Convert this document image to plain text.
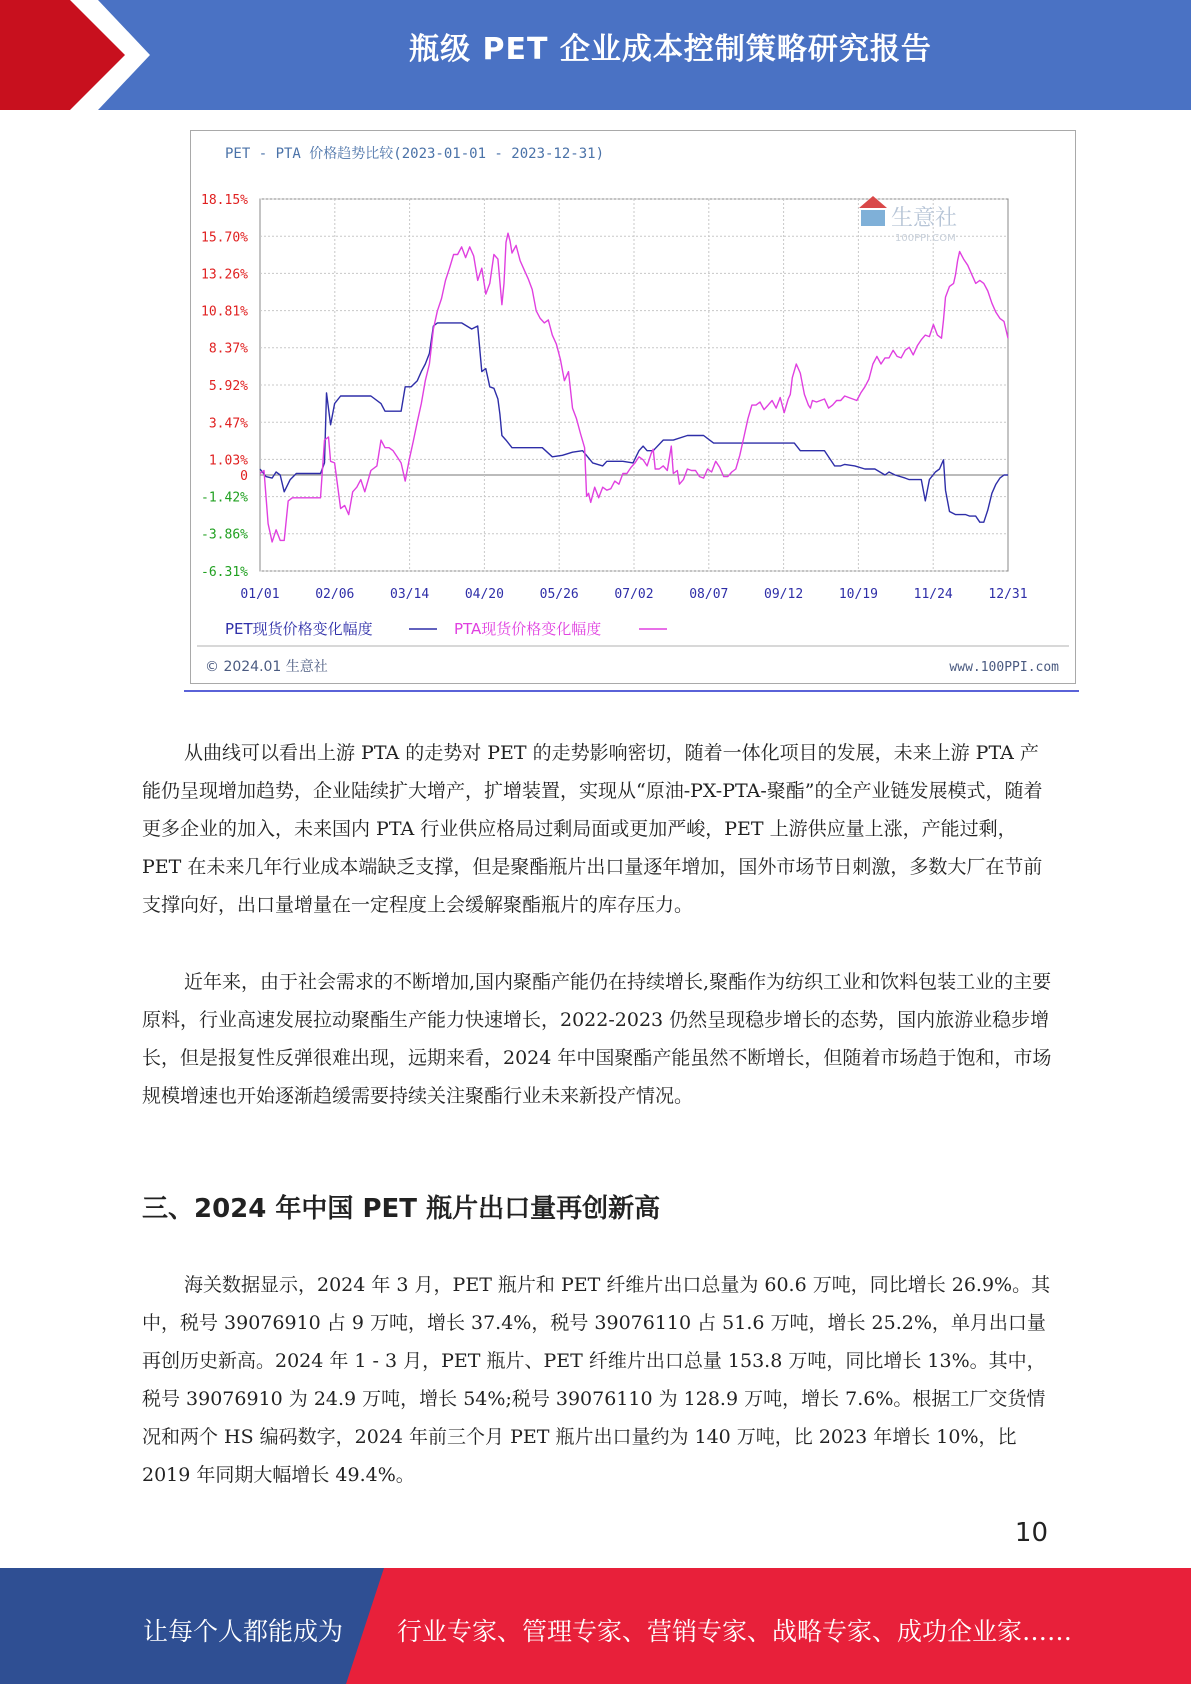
瓶级 PET 企业成本控制策略研究报告
PET - PTA 价格趋势比较(2023-01-01 - 2023-12-31)
18.15%
15.70%
13.26%
10.81%
8.37%
5.92%
3.47%
1.03%
0
-1.42%
-3.86%
-6.31%
01/01	02/06	03/14	04/20	05/26	07/02	08/07	09/12	10/19	11/24	12/31
生意社
100PPI.COM
PET现货价格变化幅度	PTA现货价格变化幅度
© 2024.01 生意社	www.100PPI.com

从曲线可以看出上游 PTA 的走势对 PET 的走势影响密切，随着一体化项目的发展，未来上游 PTA 产能仍呈现增加趋势，企业陆续扩大增产，扩增装置，实现从“原油-PX-PTA-聚酯”的全产业链发展模式，随着更多企业的加入，未来国内 PTA 行业供应格局过剩局面或更加严峻，PET 上游供应量上涨，产能过剩，PET 在未来几年行业成本端缺乏支撑，但是聚酯瓶片出口量逐年增加，国外市场节日刺激，多数大厂在节前支撑向好，出口量增量在一定程度上会缓解聚酯瓶片的库存压力。

近年来，由于社会需求的不断增加,国内聚酯产能仍在持续增长,聚酯作为纺织工业和饮料包装工业的主要原料，行业高速发展拉动聚酯生产能力快速增长，2022-2023 仍然呈现稳步增长的态势，国内旅游业稳步增长，但是报复性反弹很难出现，远期来看，2024 年中国聚酯产能虽然不断增长，但随着市场趋于饱和，市场规模增速也开始逐渐趋缓需要持续关注聚酯行业未来新投产情况。

三、2024 年中国 PET 瓶片出口量再创新高

海关数据显示，2024 年 3 月，PET 瓶片和 PET 纤维片出口总量为 60.6 万吨，同比增长 26.9%。其中，税号 39076910 占 9 万吨，增长 37.4%，税号 39076110 占 51.6 万吨，增长 25.2%，单月出口量再创历史新高。2024 年 1 - 3 月，PET 瓶片、PET 纤维片出口总量 153.8 万吨，同比增长 13%。其中，税号 39076910 为 24.9 万吨，增长 54%;税号 39076110 为 128.9 万吨，增长 7.6%。根据工厂交货情况和两个 HS 编码数字，2024 年前三个月 PET 瓶片出口量约为 140 万吨，比 2023 年增长 10%，比 2019 年同期大幅增长 49.4%。

10
让每个人都能成为 行业专家、管理专家、营销专家、战略专家、成功企业家……
